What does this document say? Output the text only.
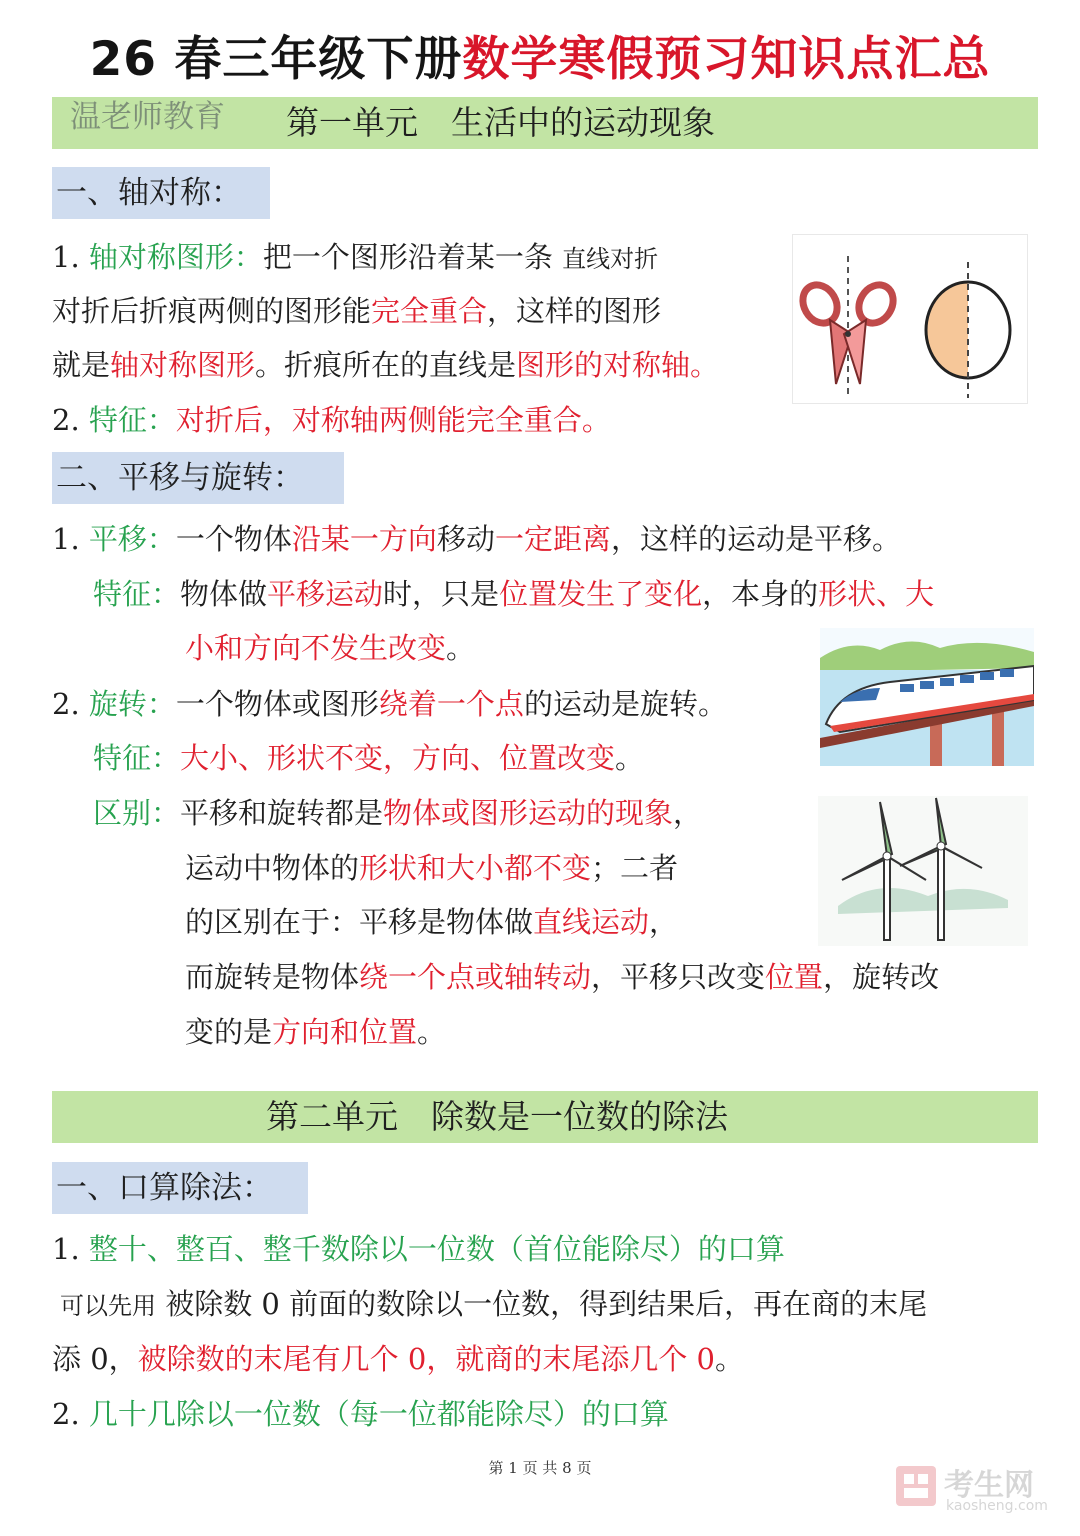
26 春三年级下册数学寒假预习知识点汇总
温老师教育 第一单元　生活中的运动现象
一、轴对称：
1. 轴对称图形：把一个图形沿着某一条 直线对折
对折后折痕两侧的图形能完全重合，这样的图形
就是轴对称图形。折痕所在的直线是图形的对称轴。
2. 特征：对折后，对称轴两侧能完全重合。
二、平移与旋转：
1. 平移：一个物体沿某一方向移动一定距离，这样的运动是平移。
特征：物体做平移运动时，只是位置发生了变化，本身的形状、大
小和方向不发生改变。
2. 旋转：一个物体或图形绕着一个点的运动是旋转。
特征：大小、形状不变，方向、位置改变。
区别：平移和旋转都是物体或图形运动的现象，
运动中物体的形状和大小都不变；二者
的区别在于：平移是物体做直线运动，
而旋转是物体绕一个点或轴转动，平移只改变位置，旋转改
变的是方向和位置。
第二单元　除数是一位数的除法
一、口算除法：
1. 整十、整百、整千数除以一位数（首位能除尽）的口算
可以先用 被除数 0 前面的数除以一位数，得到结果后，再在商的末尾
添 0，被除数的末尾有几个 0，就商的末尾添几个 0。
2. 几十几除以一位数（每一位都能除尽）的口算
第 1 页 共 8 页	考生网
kaosheng.com
